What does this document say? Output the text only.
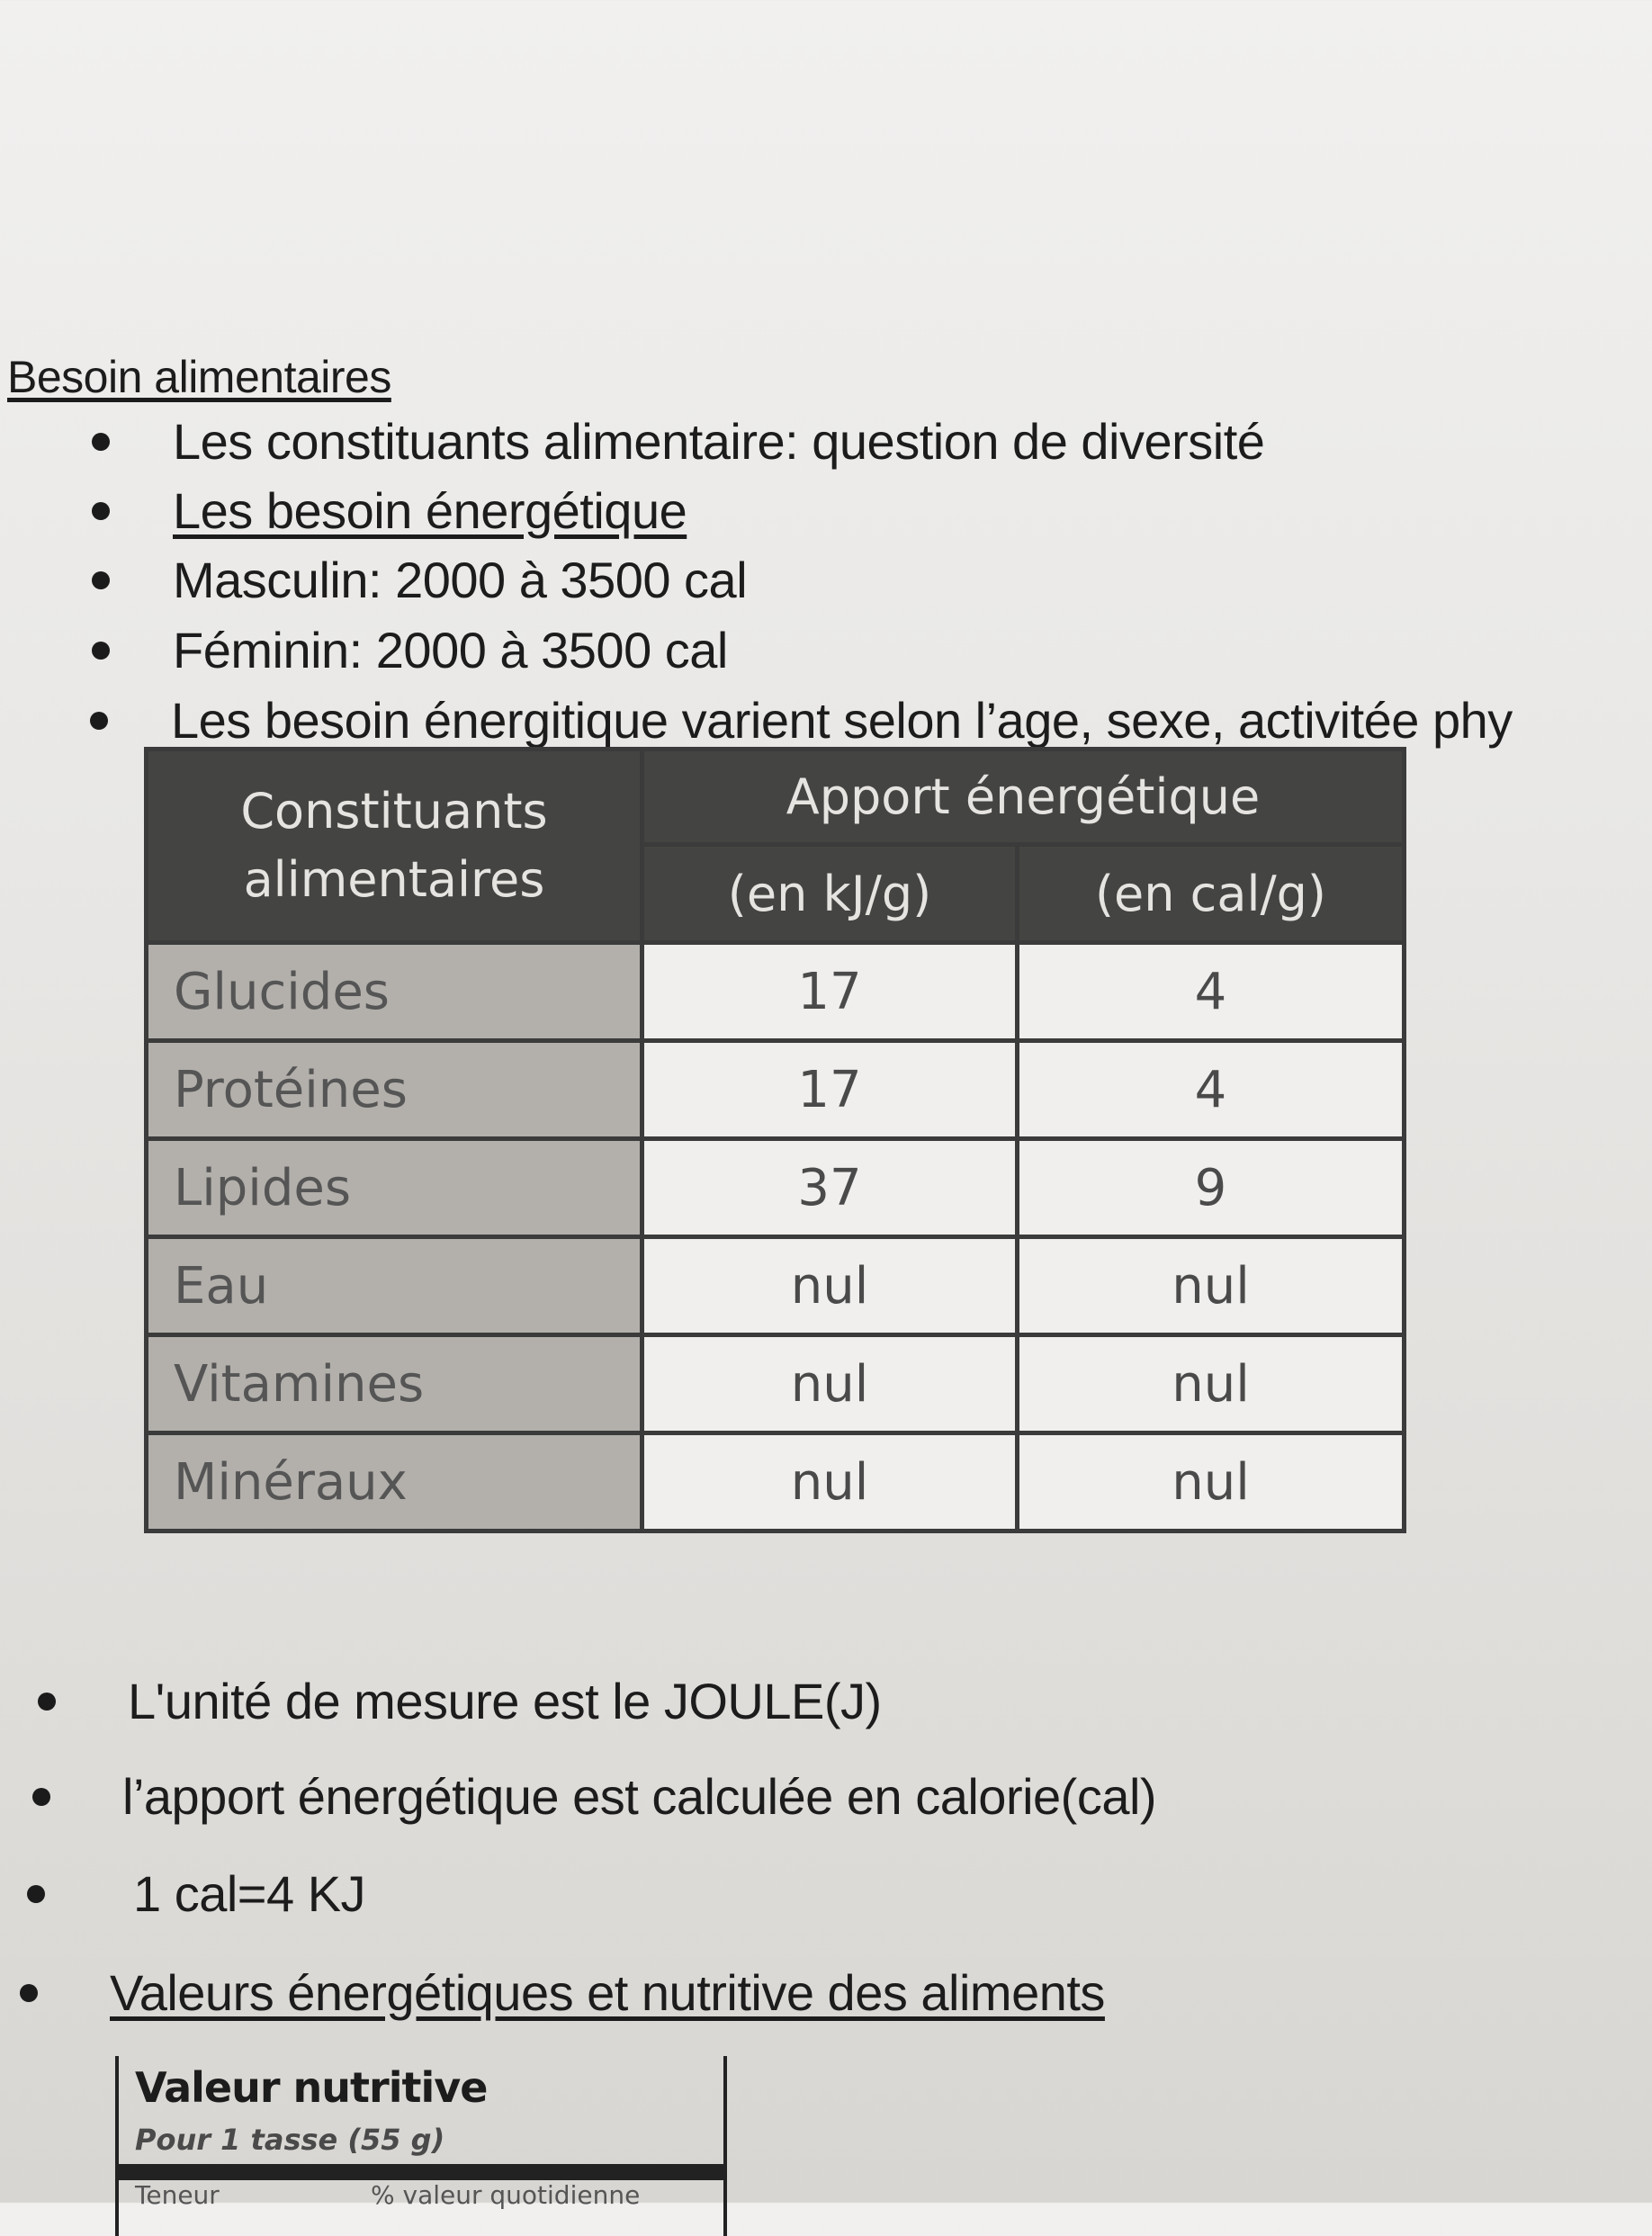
Besoin alimentaires
Les constituants alimentaire: question de diversité
Les besoin énergétique
Masculin: 2000 à 3500 cal
Féminin: 2000 à 3500 cal
Les besoin énergitique varient selon l’age, sexe, activitée phy
Constituants alimentaires	Apport énergétique	
	(en kJ/g)	(en cal/g)
Glucides	17	4
Protéines	17	4
Lipides	37	9
Eau	nul	nul
Vitamines	nul	nul
Minéraux	nul	nul
L'unité de mesure est le JOULE(J)
l’apport énergétique est calculée en calorie(cal)
1 cal=4 KJ
Valeurs énergétiques et nutritive des aliments
Valeur nutritive
Pour 1 tasse (55 g)
Teneur	% valeur quotidienne
